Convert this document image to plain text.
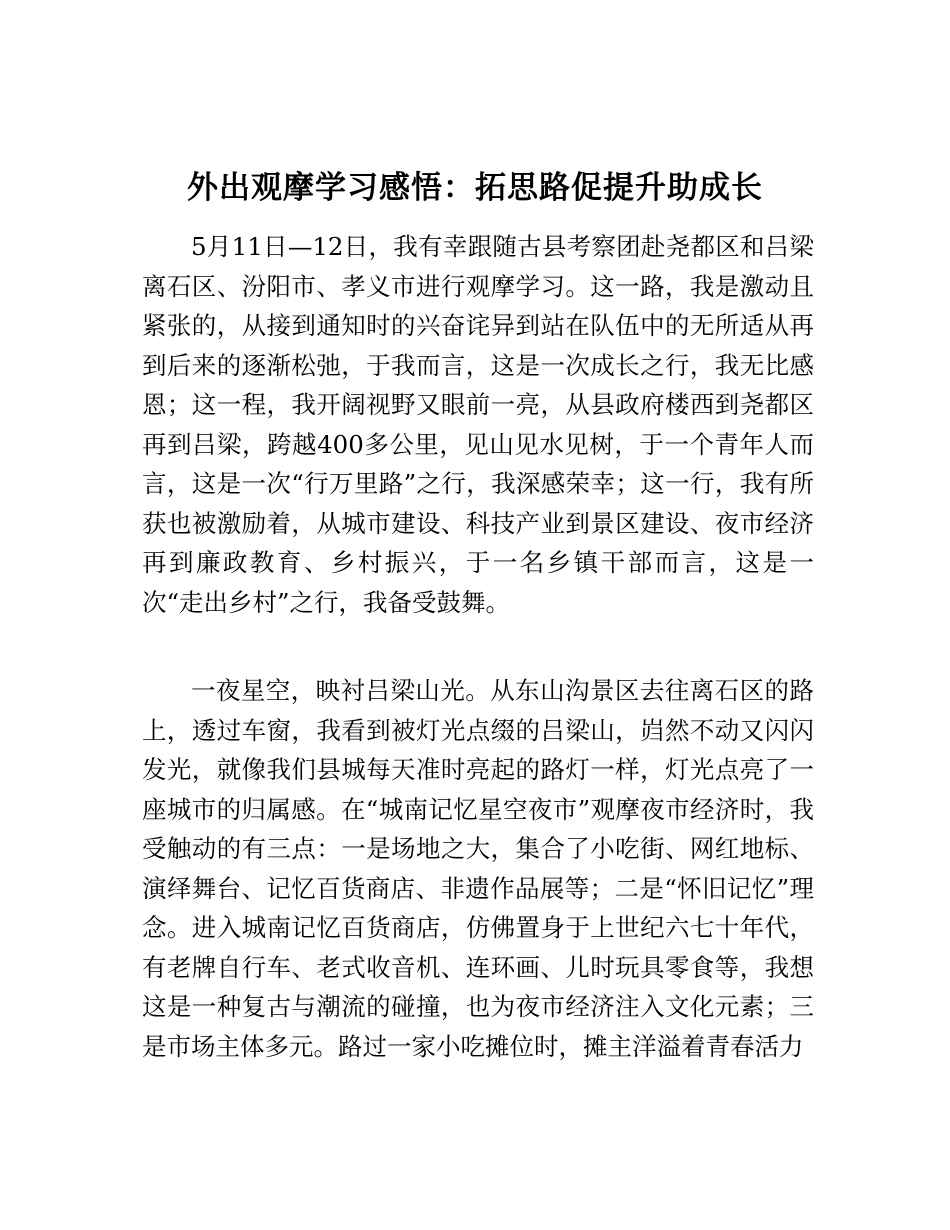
外出观摩学习感悟：拓思路促提升助成长

5月11日—12日，我有幸跟随古县考察团赴尧都区和吕梁离石区、汾阳市、孝义市进行观摩学习。这一路，我是激动且紧张的，从接到通知时的兴奋诧异到站在队伍中的无所适从再到后来的逐渐松弛，于我而言，这是一次成长之行，我无比感恩；这一程，我开阔视野又眼前一亮，从县政府楼西到尧都区再到吕梁，跨越400多公里，见山见水见树，于一个青年人而言，这是一次“行万里路”之行，我深感荣幸；这一行，我有所获也被激励着，从城市建设、科技产业到景区建设、夜市经济再到廉政教育、乡村振兴，于一名乡镇干部而言，这是一次“走出乡村”之行，我备受鼓舞。

一夜星空，映衬吕梁山光。从东山沟景区去往离石区的路上，透过车窗，我看到被灯光点缀的吕梁山，岿然不动又闪闪发光，就像我们县城每天准时亮起的路灯一样，灯光点亮了一座城市的归属感。在“城南记忆星空夜市”观摩夜市经济时，我受触动的有三点：一是场地之大，集合了小吃街、网红地标、演绎舞台、记忆百货商店、非遗作品展等；二是“怀旧记忆”理念。进入城南记忆百货商店，仿佛置身于上世纪六七十年代，有老牌自行车、老式收音机、连环画、儿时玩具零食等，我想这是一种复古与潮流的碰撞，也为夜市经济注入文化元素；三是市场主体多元。路过一家小吃摊位时，摊主洋溢着青春活力
